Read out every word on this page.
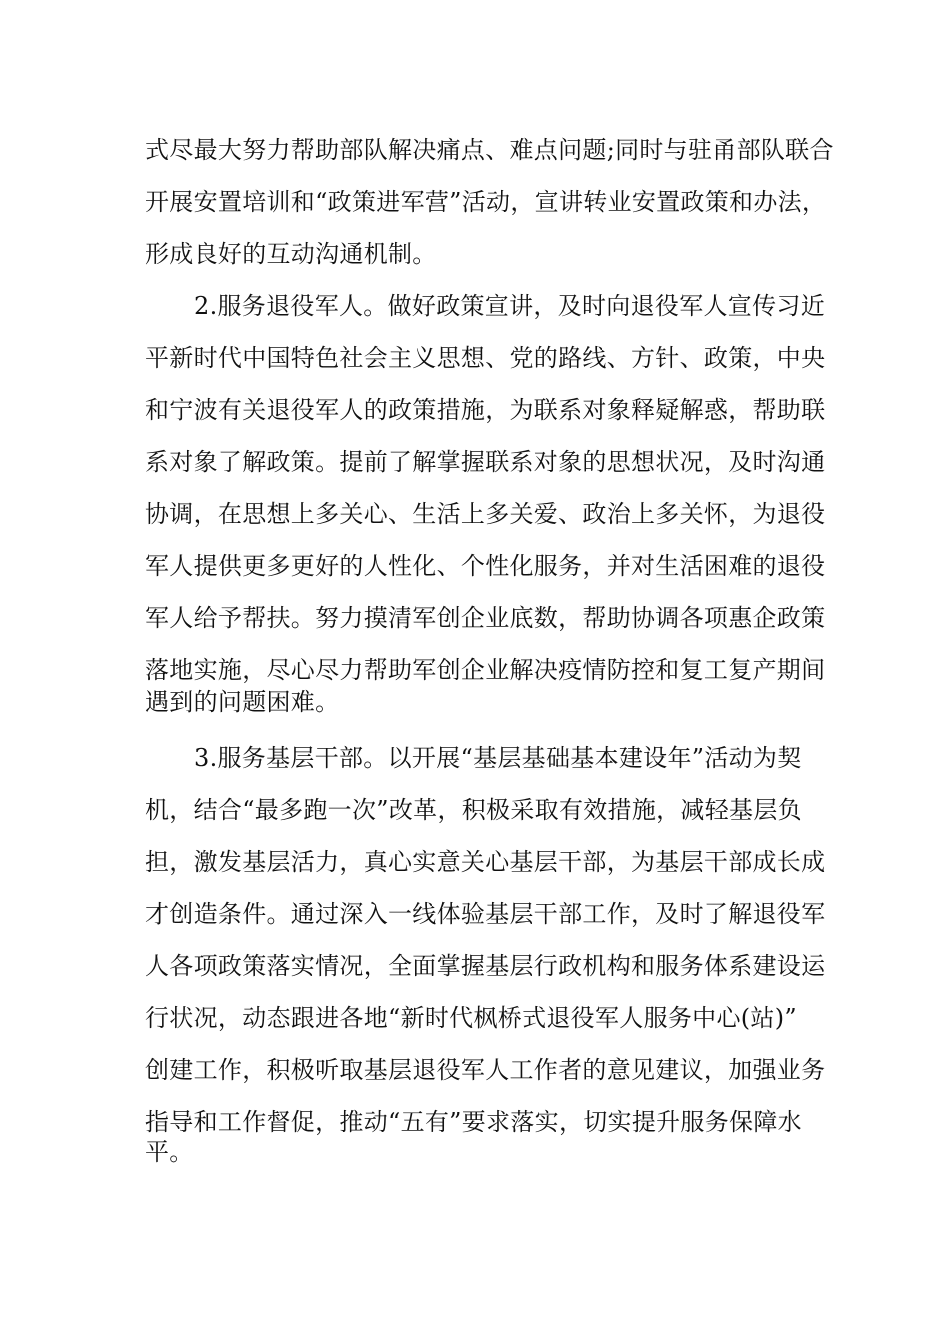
式尽最大努力帮助部队解决痛点、难点问题;同时与驻甬部队联合
开展安置培训和“政策进军营”活动，宣讲转业安置政策和办法，
形成良好的互动沟通机制。
2.服务退役军人。做好政策宣讲，及时向退役军人宣传习近
平新时代中国特色社会主义思想、党的路线、方针、政策，中央
和宁波有关退役军人的政策措施，为联系对象释疑解惑，帮助联
系对象了解政策。提前了解掌握联系对象的思想状况，及时沟通
协调，在思想上多关心、生活上多关爱、政治上多关怀，为退役
军人提供更多更好的人性化、个性化服务，并对生活困难的退役
军人给予帮扶。努力摸清军创企业底数，帮助协调各项惠企政策
落地实施，尽心尽力帮助军创企业解决疫情防控和复工复产期间
遇到的问题困难。
3.服务基层干部。以开展“基层基础基本建设年”活动为契
机，结合“最多跑一次”改革，积极采取有效措施，减轻基层负
担，激发基层活力，真心实意关心基层干部，为基层干部成长成
才创造条件。通过深入一线体验基层干部工作，及时了解退役军
人各项政策落实情况，全面掌握基层行政机构和服务体系建设运
行状况，动态跟进各地“新时代枫桥式退役军人服务中心(站)”
创建工作，积极听取基层退役军人工作者的意见建议，加强业务
指导和工作督促，推动“五有”要求落实，切实提升服务保障水
平。
